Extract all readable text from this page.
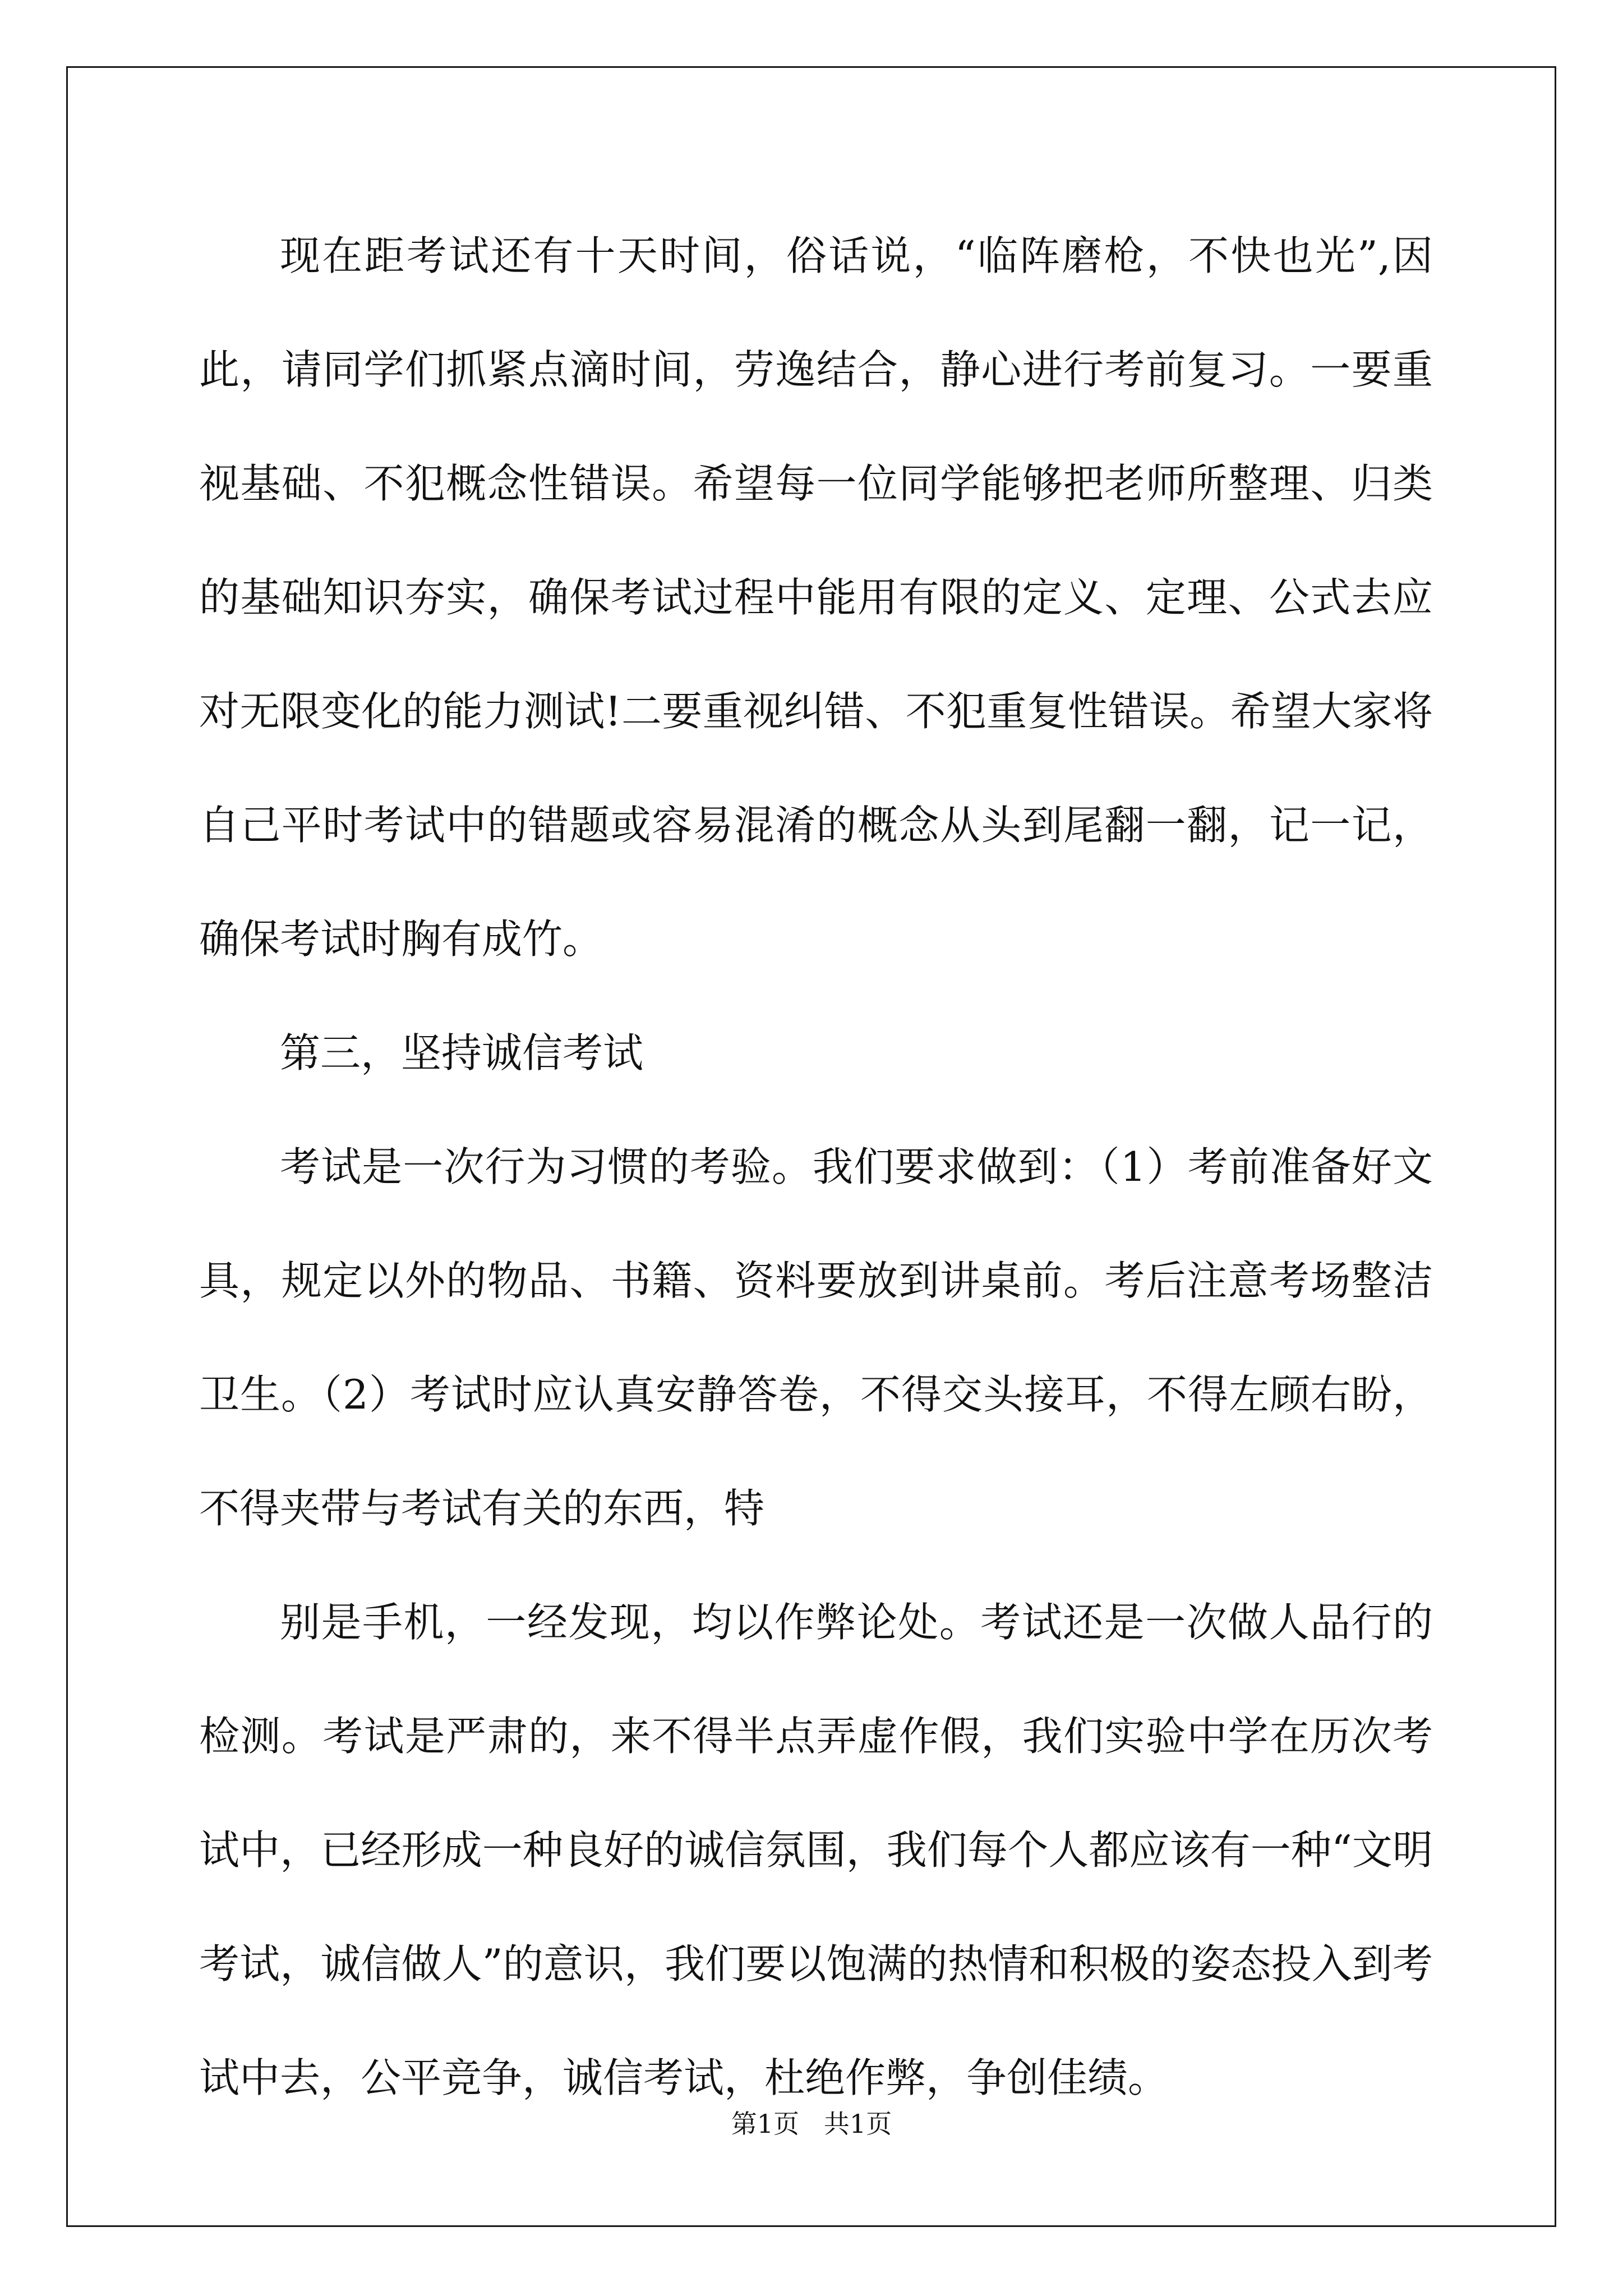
现在距考试还有十天时间，俗话说，“临阵磨枪，不快也光”,因此，请同学们抓紧点滴时间，劳逸结合，静心进行考前复习。一要重视基础、不犯概念性错误。希望每一位同学能够把老师所整理、归类的基础知识夯实，确保考试过程中能用有限的定义、定理、公式去应对无限变化的能力测试!二要重视纠错、不犯重复性错误。希望大家将自己平时考试中的错题或容易混淆的概念从头到尾翻一翻，记一记，确保考试时胸有成竹。

第三，坚持诚信考试

考试是一次行为习惯的考验。我们要求做到：（1）考前准备好文具，规定以外的物品、书籍、资料要放到讲桌前。考后注意考场整洁卫生。（2）考试时应认真安静答卷，不得交头接耳，不得左顾右盼，不得夹带与考试有关的东西，特

别是手机，一经发现，均以作弊论处。考试还是一次做人品行的检测。考试是严肃的，来不得半点弄虚作假，我们实验中学在历次考试中，已经形成一种良好的诚信氛围，我们每个人都应该有一种“文明考试，诚信做人”的意识，我们要以饱满的热情和积极的姿态投入到考试中去，公平竞争，诚信考试，杜绝作弊，争创佳绩。

第1页   共1页
